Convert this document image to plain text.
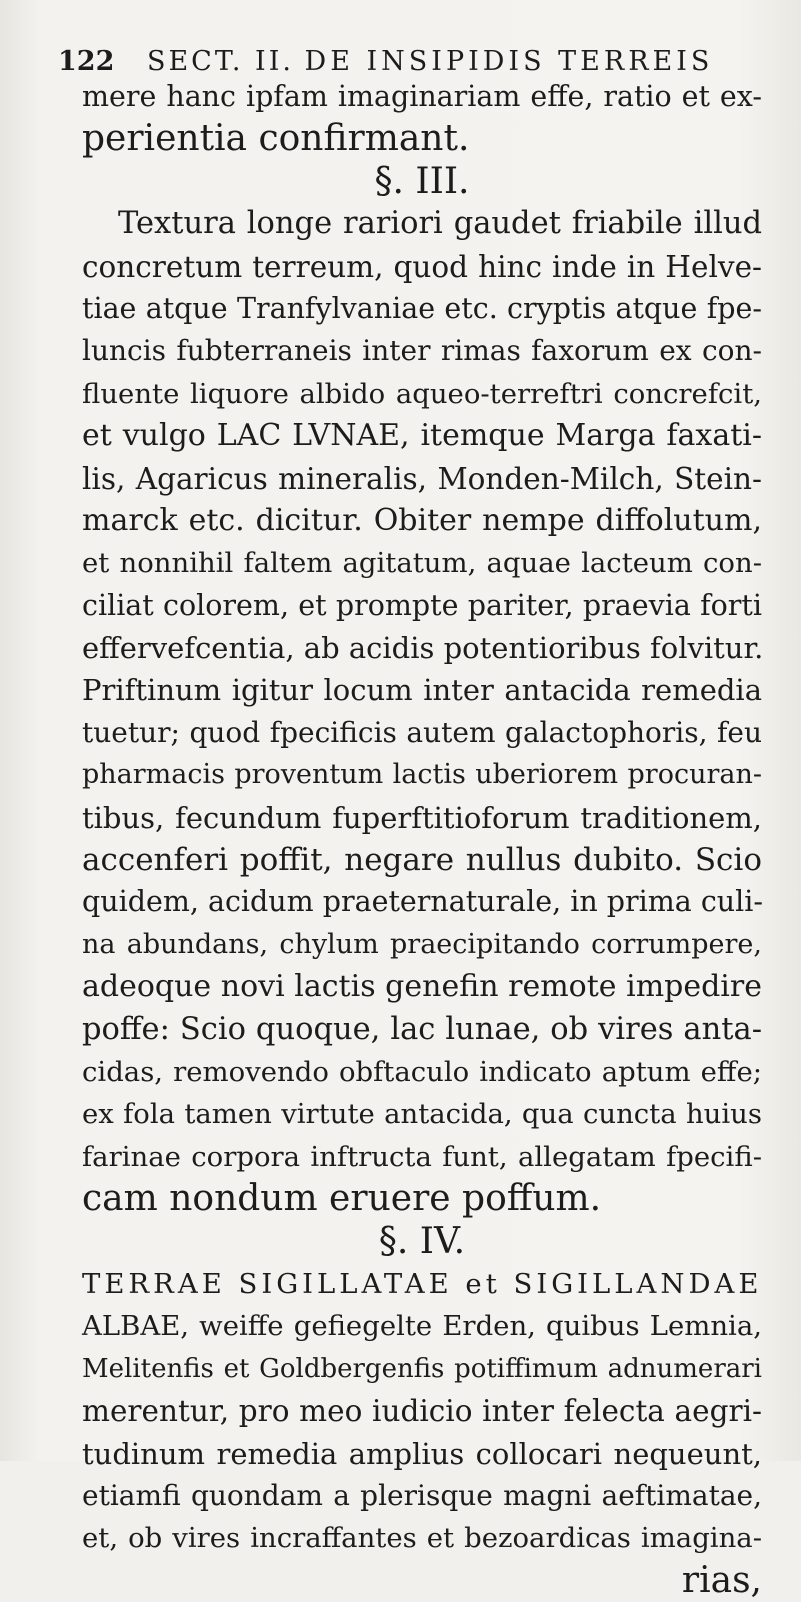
122 SECT. II. DE INSIPIDIS TERREIS
mere hanc ipfam imaginariam effe, ratio et ex-
perientia confirmant.
§. III.
Textura longe rariori gaudet friabile illud
concretum terreum, quod hinc inde in Helve-
tiae atque Tranfylvaniae etc. cryptis atque fpe-
luncis fubterraneis inter rimas faxorum ex con-
fluente liquore albido aqueo-terreftri concrefcit,
et vulgo LAC LVNAE, itemque Marga faxati-
lis, Agaricus mineralis, Monden-Milch, Stein-
marck etc. dicitur. Obiter nempe diffolutum,
et nonnihil faltem agitatum, aquae lacteum con-
ciliat colorem, et prompte pariter, praevia forti
effervefcentia, ab acidis potentioribus folvitur.
Priftinum igitur locum inter antacida remedia
tuetur; quod fpecificis autem galactophoris, feu
pharmacis proventum lactis uberiorem procuran-
tibus, fecundum fuperftitioforum traditionem,
accenferi poffit, negare nullus dubito. Scio
quidem, acidum praeternaturale, in prima culi-
na abundans, chylum praecipitando corrumpere,
adeoque novi lactis genefin remote impedire
poffe: Scio quoque, lac lunae, ob vires anta-
cidas, removendo obftaculo indicato aptum effe;
ex fola tamen virtute antacida, qua cuncta huius
farinae corpora inftructa funt, allegatam fpecifi-
cam nondum eruere poffum.
§. IV.
TERRAE SIGILLATAE et SIGILLANDAE
ALBAE, weiffe gefiegelte Erden, quibus Lemnia,
Melitenfis et Goldbergenfis potiffimum adnumerari
merentur, pro meo iudicio inter felecta aegri-
tudinum remedia amplius collocari nequeunt,
etiamfi quondam a plerisque magni aeftimatae,
et, ob vires incraffantes et bezoardicas imagina-
rias,
